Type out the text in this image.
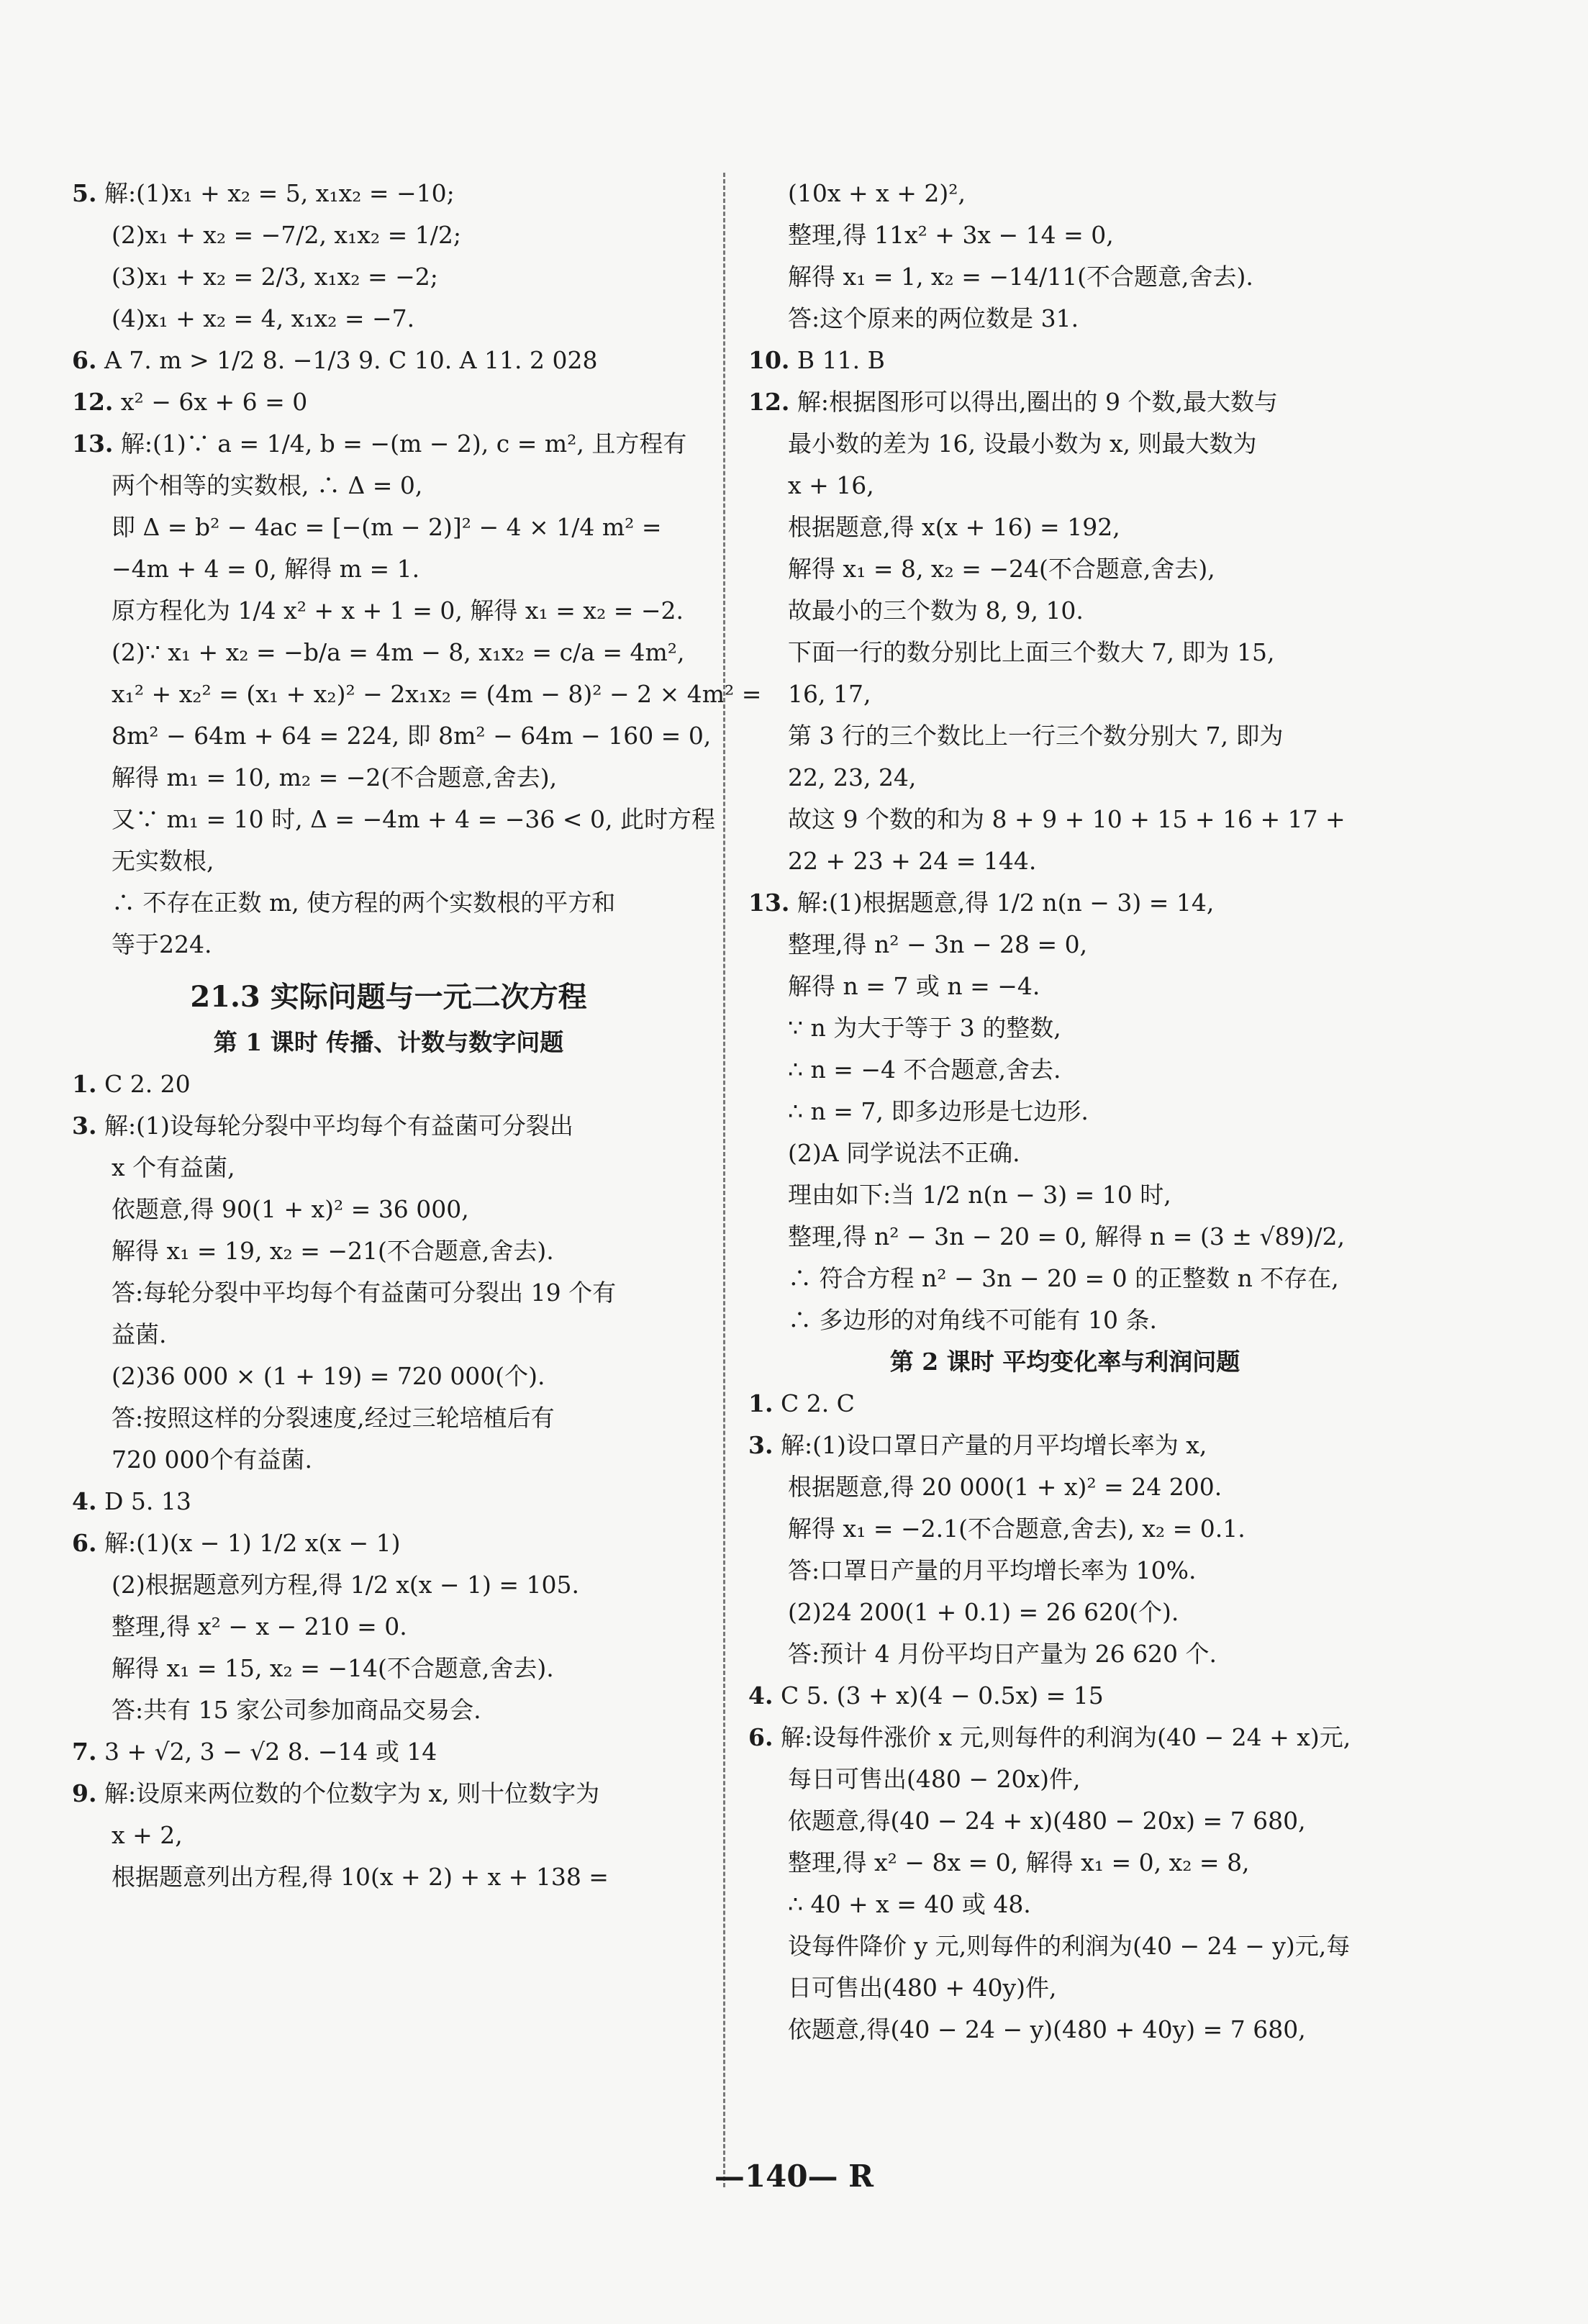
5. 解:(1)x₁ + x₂ = 5, x₁x₂ = −10;
(2)x₁ + x₂ = −7/2, x₁x₂ = 1/2;
(3)x₁ + x₂ = 2/3, x₁x₂ = −2;
(4)x₁ + x₂ = 4, x₁x₂ = −7.
6. A 7. m > 1/2 8. −1/3 9. C 10. A 11. 2 028
12. x² − 6x + 6 = 0
13. 解:(1)∵ a = 1/4, b = −(m − 2), c = m², 且方程有
两个相等的实数根, ∴ Δ = 0,
即 Δ = b² − 4ac = [−(m − 2)]² − 4 × 1/4 m² =
−4m + 4 = 0, 解得 m = 1.
原方程化为 1/4 x² + x + 1 = 0, 解得 x₁ = x₂ = −2.
(2)∵ x₁ + x₂ = −b/a = 4m − 8, x₁x₂ = c/a = 4m²,
x₁² + x₂² = (x₁ + x₂)² − 2x₁x₂ = (4m − 8)² − 2 × 4m² =
8m² − 64m + 64 = 224, 即 8m² − 64m − 160 = 0,
解得 m₁ = 10, m₂ = −2(不合题意,舍去),
又∵ m₁ = 10 时, Δ = −4m + 4 = −36 < 0, 此时方程
无实数根,
∴ 不存在正数 m, 使方程的两个实数根的平方和
等于224.
21.3 实际问题与一元二次方程
第 1 课时 传播、计数与数字问题
1. C 2. 20
3. 解:(1)设每轮分裂中平均每个有益菌可分裂出
x 个有益菌,
依题意,得 90(1 + x)² = 36 000,
解得 x₁ = 19, x₂ = −21(不合题意,舍去).
答:每轮分裂中平均每个有益菌可分裂出 19 个有
益菌.
(2)36 000 × (1 + 19) = 720 000(个).
答:按照这样的分裂速度,经过三轮培植后有
720 000个有益菌.
4. D 5. 13
6. 解:(1)(x − 1) 1/2 x(x − 1)
(2)根据题意列方程,得 1/2 x(x − 1) = 105.
整理,得 x² − x − 210 = 0.
解得 x₁ = 15, x₂ = −14(不合题意,舍去).
答:共有 15 家公司参加商品交易会.
7. 3 + √2, 3 − √2 8. −14 或 14
9. 解:设原来两位数的个位数字为 x, 则十位数字为
x + 2,
根据题意列出方程,得 10(x + 2) + x + 138 =
(10x + x + 2)²,
整理,得 11x² + 3x − 14 = 0,
解得 x₁ = 1, x₂ = −14/11(不合题意,舍去).
答:这个原来的两位数是 31.
10. B 11. B
12. 解:根据图形可以得出,圈出的 9 个数,最大数与
最小数的差为 16, 设最小数为 x, 则最大数为
x + 16,
根据题意,得 x(x + 16) = 192,
解得 x₁ = 8, x₂ = −24(不合题意,舍去),
故最小的三个数为 8, 9, 10.
下面一行的数分别比上面三个数大 7, 即为 15,
16, 17,
第 3 行的三个数比上一行三个数分别大 7, 即为
22, 23, 24,
故这 9 个数的和为 8 + 9 + 10 + 15 + 16 + 17 +
22 + 23 + 24 = 144.
13. 解:(1)根据题意,得 1/2 n(n − 3) = 14,
整理,得 n² − 3n − 28 = 0,
解得 n = 7 或 n = −4.
∵ n 为大于等于 3 的整数,
∴ n = −4 不合题意,舍去.
∴ n = 7, 即多边形是七边形.
(2)A 同学说法不正确.
理由如下:当 1/2 n(n − 3) = 10 时,
整理,得 n² − 3n − 20 = 0, 解得 n = (3 ± √89)/2,
∴ 符合方程 n² − 3n − 20 = 0 的正整数 n 不存在,
∴ 多边形的对角线不可能有 10 条.
第 2 课时 平均变化率与利润问题
1. C 2. C
3. 解:(1)设口罩日产量的月平均增长率为 x,
根据题意,得 20 000(1 + x)² = 24 200.
解得 x₁ = −2.1(不合题意,舍去), x₂ = 0.1.
答:口罩日产量的月平均增长率为 10%.
(2)24 200(1 + 0.1) = 26 620(个).
答:预计 4 月份平均日产量为 26 620 个.
4. C 5. (3 + x)(4 − 0.5x) = 15
6. 解:设每件涨价 x 元,则每件的利润为(40 − 24 + x)元,
每日可售出(480 − 20x)件,
依题意,得(40 − 24 + x)(480 − 20x) = 7 680,
整理,得 x² − 8x = 0, 解得 x₁ = 0, x₂ = 8,
∴ 40 + x = 40 或 48.
设每件降价 y 元,则每件的利润为(40 − 24 − y)元,每
日可售出(480 + 40y)件,
依题意,得(40 − 24 − y)(480 + 40y) = 7 680,
—140— R
